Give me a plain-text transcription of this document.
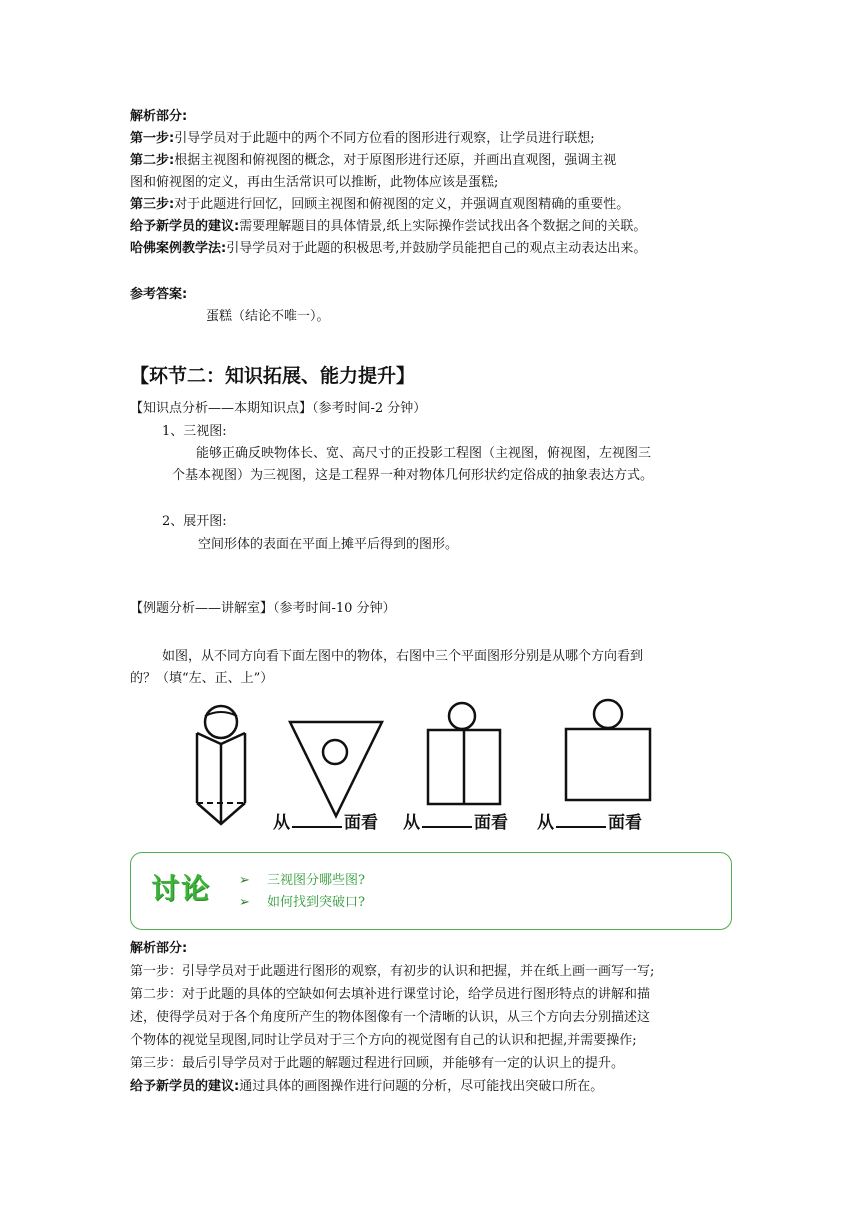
解析部分:
第一步:引导学员对于此题中的两个不同方位看的图形进行观察，让学员进行联想;
第二步:根据主视图和俯视图的概念，对于原图形进行还原，并画出直观图，强调主视
图和俯视图的定义，再由生活常识可以推断，此物体应该是蛋糕;
第三步:对于此题进行回忆，回顾主视图和俯视图的定义，并强调直观图精确的重要性。
给予新学员的建议:需要理解题目的具体情景,纸上实际操作尝试找出各个数据之间的关联。
哈佛案例教学法:引导学员对于此题的积极思考,并鼓励学员能把自己的观点主动表达出来。
参考答案:
蛋糕（结论不唯一）。
【环节二：知识拓展、能力提升】
【知识点分析——本期知识点】（参考时间-2 分钟）
1、三视图:
能够正确反映物体长、宽、高尺寸的正投影工程图（主视图，俯视图，左视图三
个基本视图）为三视图，这是工程界一种对物体几何形状约定俗成的抽象表达方式。
2、展开图:
空间形体的表面在平面上摊平后得到的图形。
【例题分析——讲解室】（参考时间-10 分钟）
如图，从不同方向看下面左图中的物体，右图中三个平面图形分别是从哪个方向看到
的？（填“左、正、上”）
从	面看 从	面看 从	面看
讨论 ➢ 三视图分哪些图?
➢ 如何找到突破口?
解析部分:
第一步：引导学员对于此题进行图形的观察，有初步的认识和把握，并在纸上画一画写一写;
第二步：对于此题的具体的空缺如何去填补进行课堂讨论，给学员进行图形特点的讲解和描
述，使得学员对于各个角度所产生的物体图像有一个清晰的认识，从三个方向去分别描述这
个物体的视觉呈现图,同时让学员对于三个方向的视觉图有自己的认识和把握,并需要操作;
第三步：最后引导学员对于此题的解题过程进行回顾，并能够有一定的认识上的提升。
给予新学员的建议:通过具体的画图操作进行问题的分析，尽可能找出突破口所在。
